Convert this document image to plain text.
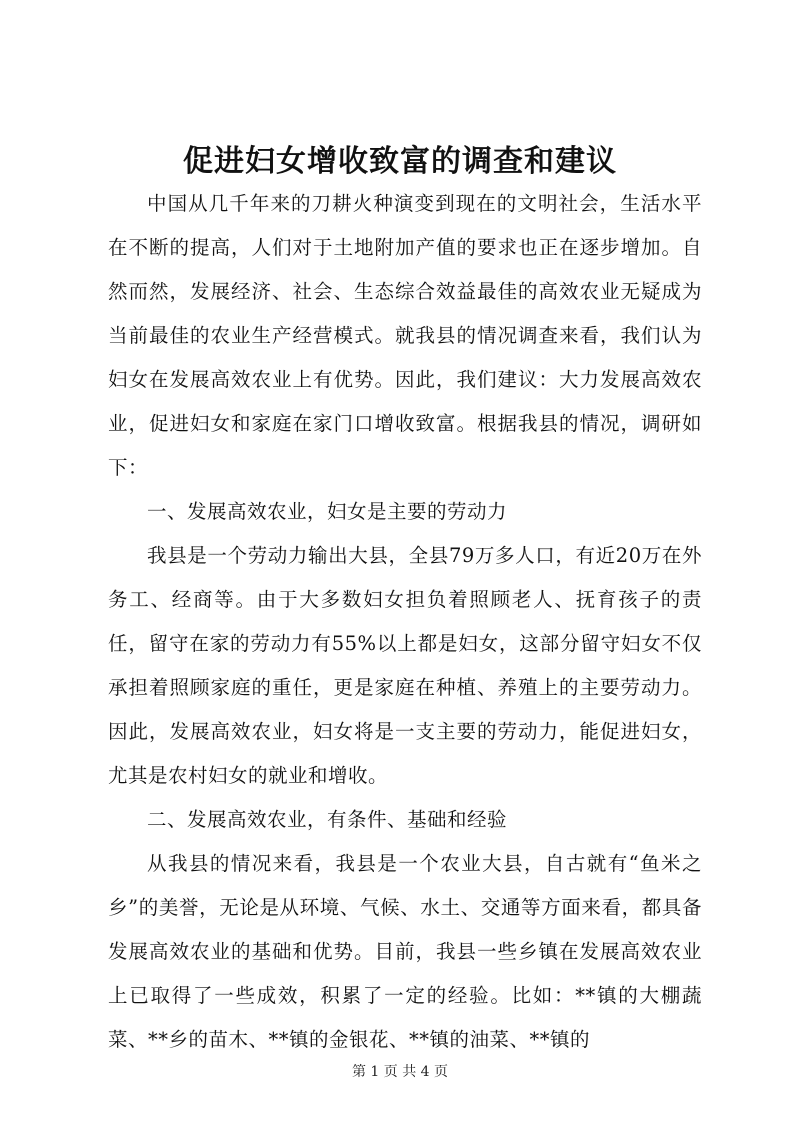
促进妇女增收致富的调查和建议

中国从几千年来的刀耕火种演变到现在的文明社会，生活水平在不断的提高，人们对于土地附加产值的要求也正在逐步增加。自然而然，发展经济、社会、生态综合效益最佳的高效农业无疑成为当前最佳的农业生产经营模式。就我县的情况调查来看，我们认为妇女在发展高效农业上有优势。因此，我们建议：大力发展高效农业，促进妇女和家庭在家门口增收致富。根据我县的情况，调研如下：

一、发展高效农业，妇女是主要的劳动力

我县是一个劳动力输出大县，全县79万多人口，有近20万在外务工、经商等。由于大多数妇女担负着照顾老人、抚育孩子的责任，留守在家的劳动力有55%以上都是妇女，这部分留守妇女不仅承担着照顾家庭的重任，更是家庭在种植、养殖上的主要劳动力。因此，发展高效农业，妇女将是一支主要的劳动力，能促进妇女，尤其是农村妇女的就业和增收。

二、发展高效农业，有条件、基础和经验

从我县的情况来看，我县是一个农业大县，自古就有“鱼米之乡”的美誉，无论是从环境、气候、水土、交通等方面来看，都具备发展高效农业的基础和优势。目前，我县一些乡镇在发展高效农业上已取得了一些成效，积累了一定的经验。比如：**镇的大棚蔬菜、**乡的苗木、**镇的金银花、**镇的油菜、**镇的

第 1 页 共 4 页
